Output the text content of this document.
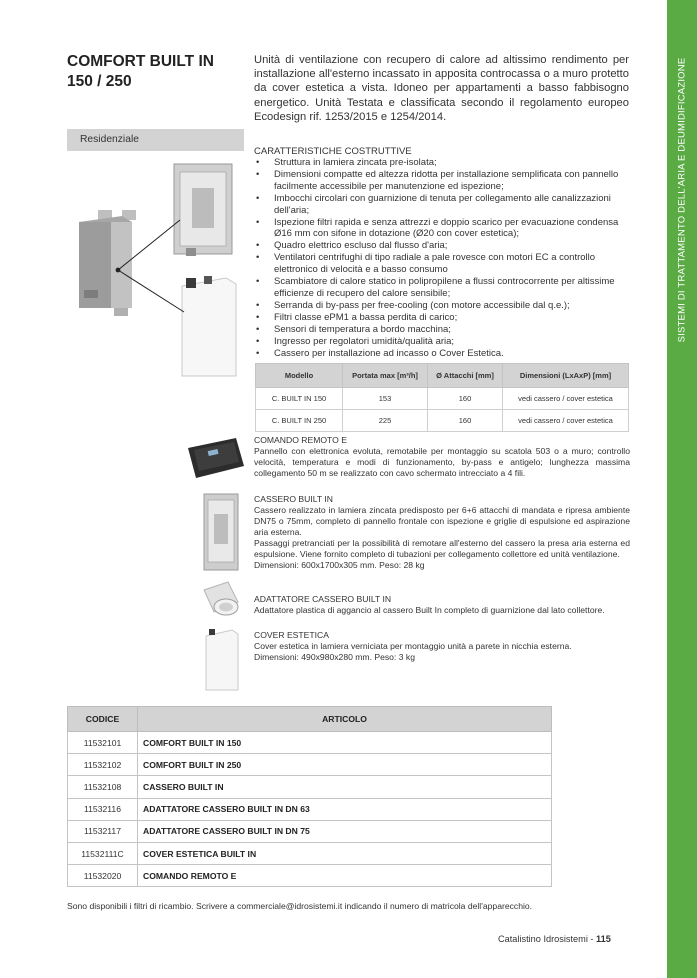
SISTEMI DI TRATTAMENTO DELL'ARIA E DEUMIDIFICAZIONE
COMFORT BUILT IN
150 / 250
Unità di ventilazione con recupero di calore ad altissimo rendimento per installazione all'esterno incassato in apposita controcassa o a muro protetto da cover estetica a vista. Idoneo per appartamenti a basso fabbisogno energetico. Unità Testata e classificata secondo il regolamento europeo Ecodesign rif. 1253/2015 e 1254/2014.
Residenziale
CARATTERISTICHE COSTRUTTIVE
• Struttura in lamiera zincata pre-isolata;
• Dimensioni compatte ed altezza ridotta per installazione semplificata con pannello facilmente accessibile per manutenzione ed ispezione;
• Imbocchi circolari con guarnizione di tenuta per collegamento alle canalizzazioni dell'aria;
• Ispezione filtri rapida e senza attrezzi e doppio scarico per evacuazione condensa Ø16 mm con sifone in dotazione (Ø20 con cover estetica);
• Quadro elettrico escluso dal flusso d'aria;
• Ventilatori centrifughi di tipo radiale a pale rovesce con motori EC a controllo elettronico di velocità e a basso consumo
• Scambiatore di calore statico in polipropilene a flussi controcorrente per altissime efficienze di recupero del calore sensibile;
• Serranda di by-pass per free-cooling (con motore accessibile dal q.e.);
• Filtri classe ePM1 a bassa perdita di carico;
• Sensori di temperatura a bordo macchina;
• Ingresso per regolatori umidità/qualità aria;
• Cassero per installazione ad incasso o Cover Estetica.
Modello	Portata max [m³/h]	Ø Attacchi [mm]	Dimensioni (LxAxP) [mm]
C. BUILT IN 150	153	160	vedi cassero / cover estetica
C. BUILT IN 250	225	160	vedi cassero / cover estetica
COMANDO REMOTO E
Pannello con elettronica evoluta, remotabile per montaggio su scatola 503 o a muro; controllo velocità, temperatura e modi di funzionamento, by-pass e antigelo; lunghezza massima collegamento 50 m se realizzato con cavo schermato intrecciato a 4 fili.
CASSERO BUILT IN
Cassero realizzato in lamiera zincata predisposto per 6+6 attacchi di mandata e ripresa ambiente DN75 o 75mm, completo di pannello frontale con ispezione e griglie di espulsione ed aspirazione aria esterna.
Passaggi pretranciati per la possibilità di remotare all'esterno del cassero la presa aria esterna ed espulsione. Viene fornito completo di tubazioni per collegamento collettore ed unità ventilazione.
Dimensioni: 600x1700x305 mm. Peso: 28 kg
ADATTATORE CASSERO BUILT IN
Adattatore plastica di aggancio al cassero Built In completo di guarnizione dal lato collettore.
COVER ESTETICA
Cover estetica in lamiera verniciata per montaggio unità a parete in nicchia esterna.
Dimensioni: 490x980x280 mm. Peso: 3 kg
CODICE	ARTICOLO
11532101	COMFORT BUILT IN 150
11532102	COMFORT BUILT IN 250
11532108	CASSERO BUILT IN
11532116	ADATTATORE CASSERO BUILT IN DN 63
11532117	ADATTATORE CASSERO BUILT IN DN 75
11532111C	COVER ESTETICA BUILT IN
11532020	COMANDO REMOTO E
Sono disponibili i filtri di ricambio. Scrivere a commerciale@idrosistemi.it indicando il numero di matricola dell'apparecchio.
Catalistino Idrosistemi - 115
